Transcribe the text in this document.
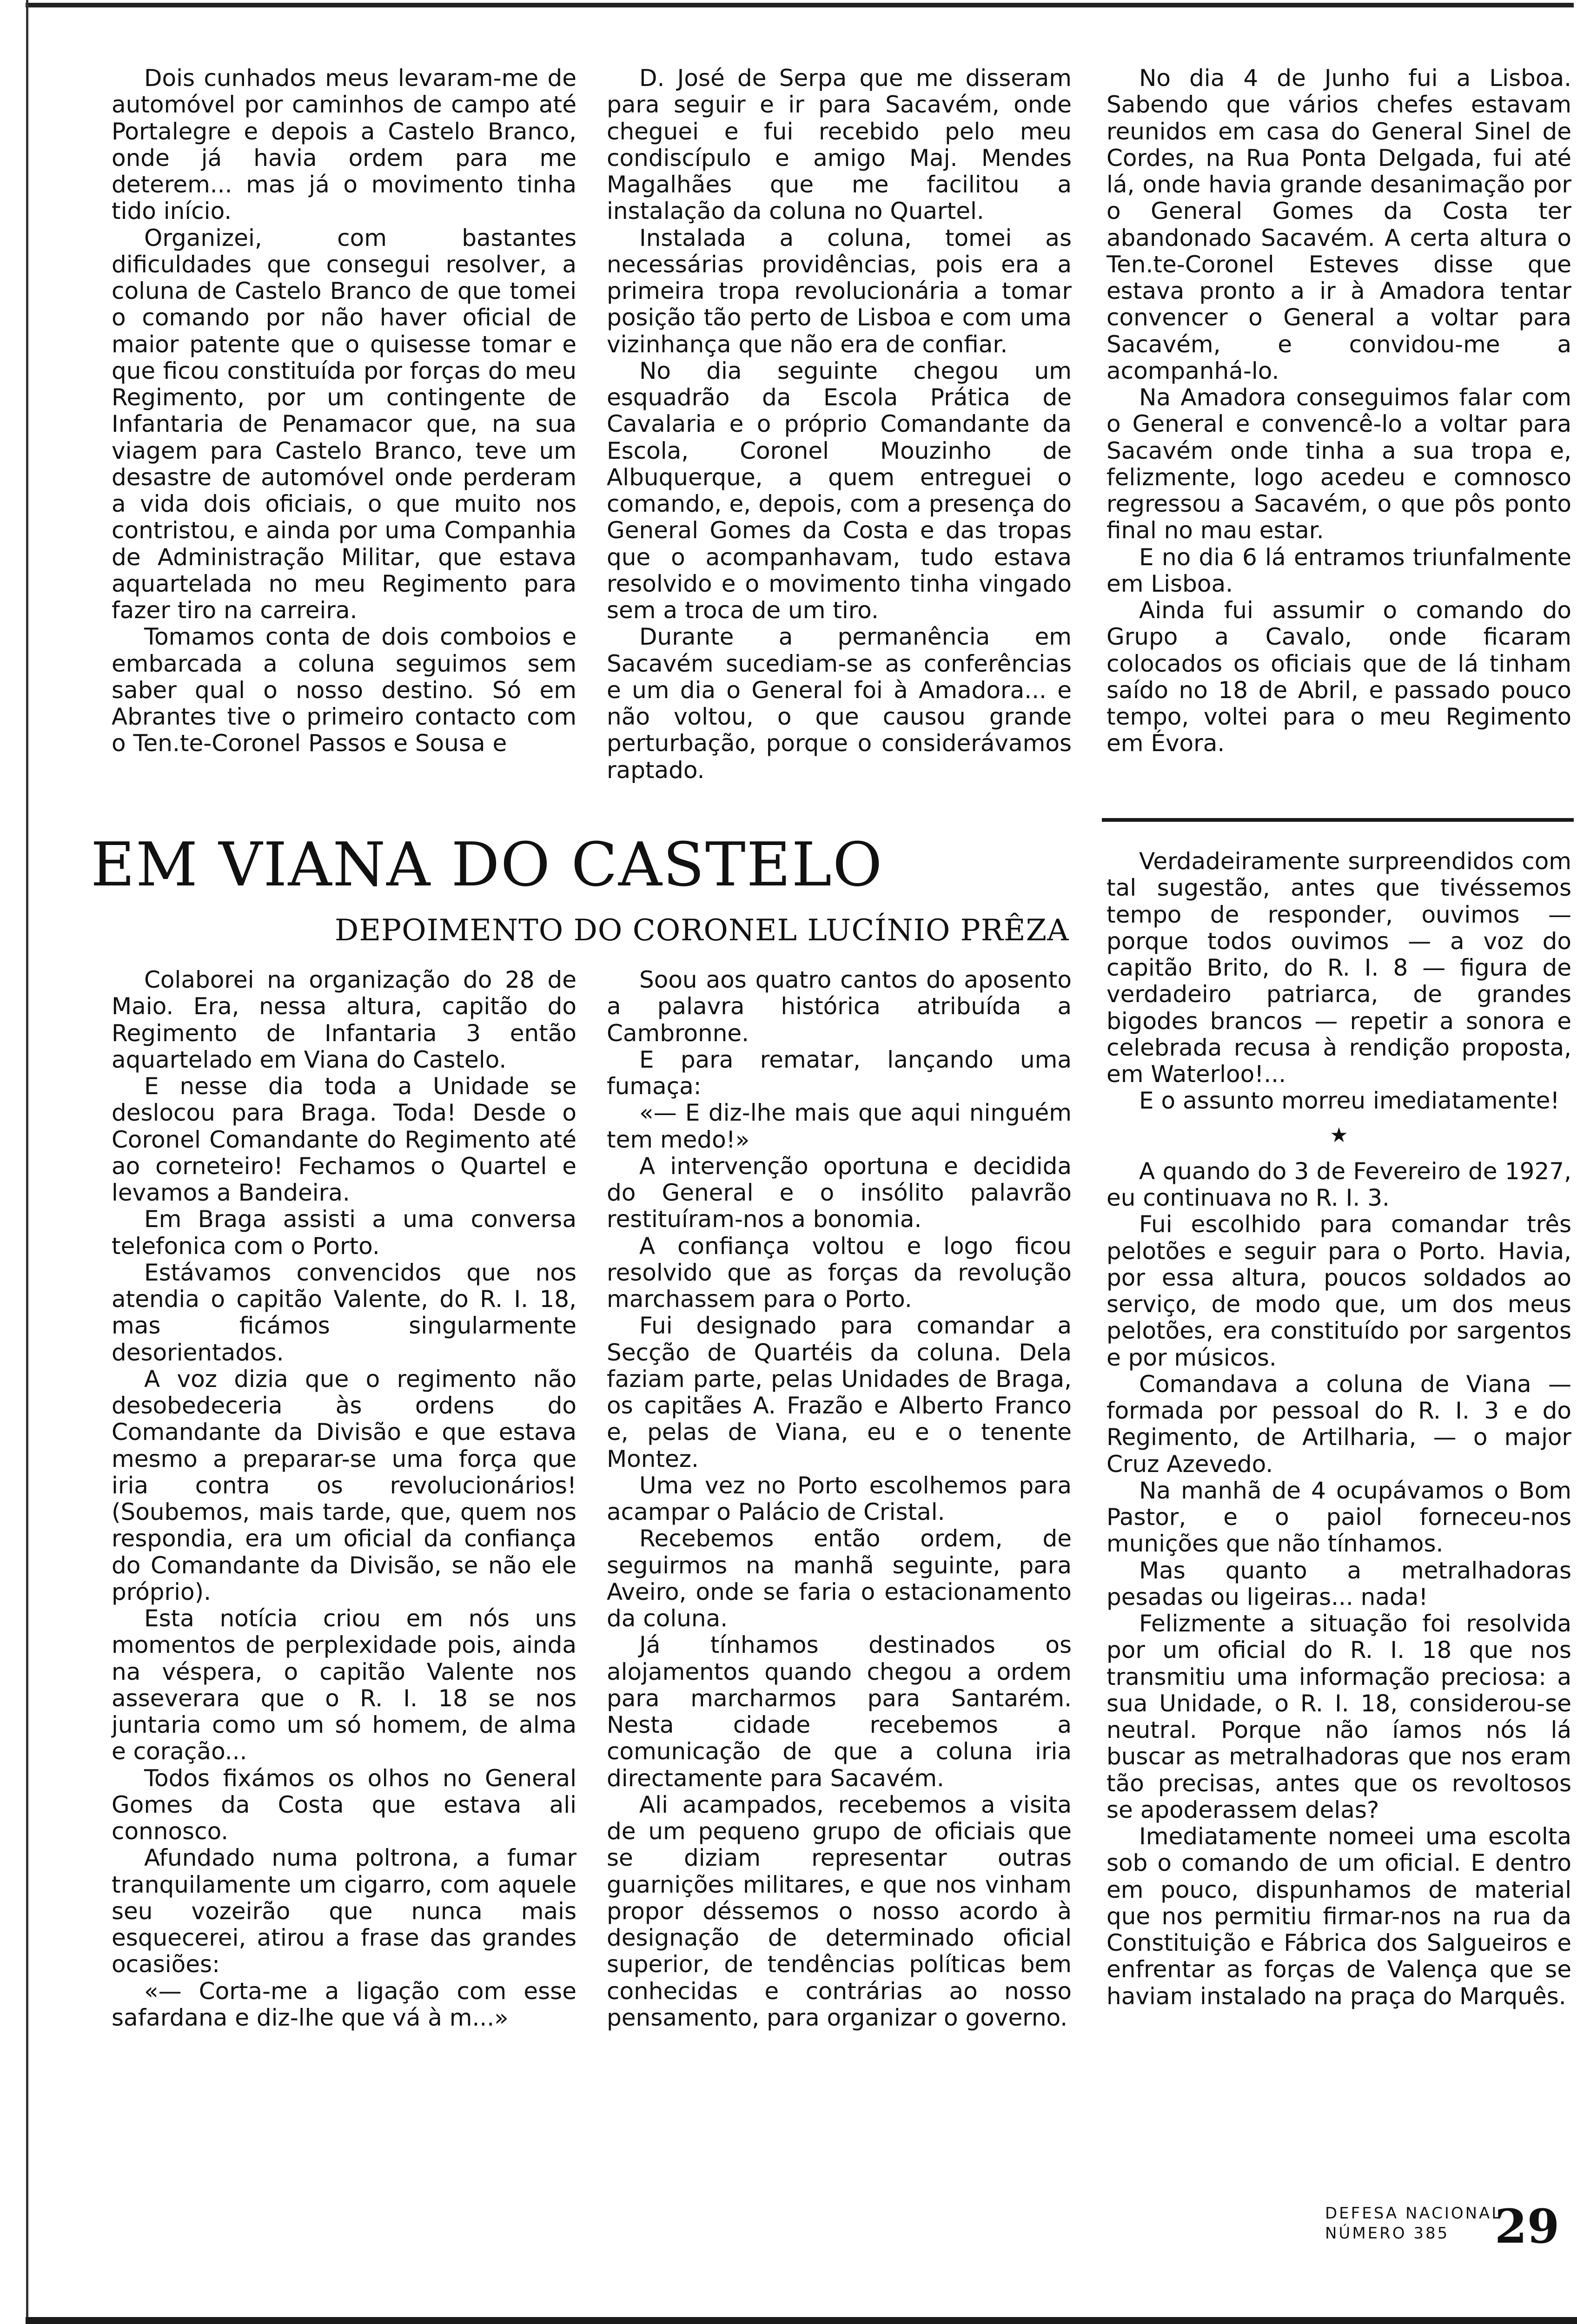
Dois cunhados meus levaram-me de automóvel por caminhos de campo até Portalegre e depois a Castelo Branco, onde já havia ordem para me deterem... mas já o movimento tinha tido início.

Organizei, com bastantes dificuldades que consegui resolver, a coluna de Castelo Branco de que tomei o comando por não haver oficial de maior patente que o quisesse tomar e que ficou constituída por forças do meu Regimento, por um contingente de Infantaria de Penamacor que, na sua viagem para Castelo Branco, teve um desastre de automóvel onde perderam a vida dois oficiais, o que muito nos contristou, e ainda por uma Companhia de Administração Militar, que estava aquartelada no meu Regimento para fazer tiro na carreira.

Tomamos conta de dois comboios e embarcada a coluna seguimos sem saber qual o nosso destino. Só em Abrantes tive o primeiro contacto com o Ten.te-Coronel Passos e Sousa e

D. José de Serpa que me disseram para seguir e ir para Sacavém, onde cheguei e fui recebido pelo meu condiscípulo e amigo Maj. Mendes Magalhães que me facilitou a instalação da coluna no Quartel.

Instalada a coluna, tomei as necessárias providências, pois era a primeira tropa revolucionária a tomar posição tão perto de Lisboa e com uma vizinhança que não era de confiar.

No dia seguinte chegou um esquadrão da Escola Prática de Cavalaria e o próprio Comandante da Escola, Coronel Mouzinho de Albuquerque, a quem entreguei o comando, e, depois, com a presença do General Gomes da Costa e das tropas que o acompanhavam, tudo estava resolvido e o movimento tinha vingado sem a troca de um tiro.

Durante a permanência em Sacavém sucediam-se as conferências e um dia o General foi à Amadora... e não voltou, o que causou grande perturbação, porque o considerávamos raptado.

No dia 4 de Junho fui a Lisboa. Sabendo que vários chefes estavam reunidos em casa do General Sinel de Cordes, na Rua Ponta Delgada, fui até lá, onde havia grande desanimação por o General Gomes da Costa ter abandonado Sacavém. A certa altura o Ten.te-Coronel Esteves disse que estava pronto a ir à Amadora tentar convencer o General a voltar para Sacavém, e convidou-me a acompanhá-lo.

Na Amadora conseguimos falar com o General e convencê-lo a voltar para Sacavém onde tinha a sua tropa e, felizmente, logo acedeu e comnosco regressou a Sacavém, o que pôs ponto final no mau estar.

E no dia 6 lá entramos triunfalmente em Lisboa.

Ainda fui assumir o comando do Grupo a Cavalo, onde ficaram colocados os oficiais que de lá tinham saído no 18 de Abril, e passado pouco tempo, voltei para o meu Regimento em Évora.

EM VIANA DO CASTELO
DEPOIMENTO DO CORONEL LUCÍNIO PRÊZA

Colaborei na organização do 28 de Maio. Era, nessa altura, capitão do Regimento de Infantaria 3 então aquartelado em Viana do Castelo.

E nesse dia toda a Unidade se deslocou para Braga. Toda! Desde o Coronel Comandante do Regimento até ao corneteiro! Fechamos o Quartel e levamos a Bandeira.

Em Braga assisti a uma conversa telefonica com o Porto.

Estávamos convencidos que nos atendia o capitão Valente, do R. I. 18, mas ficámos singularmente desorientados.

A voz dizia que o regimento não desobedeceria às ordens do Comandante da Divisão e que estava mesmo a preparar-se uma força que iria contra os revolucionários! (Soubemos, mais tarde, que, quem nos respondia, era um oficial da confiança do Comandante da Divisão, se não ele próprio).

Esta notícia criou em nós uns momentos de perplexidade pois, ainda na véspera, o capitão Valente nos asseverara que o R. I. 18 se nos juntaria como um só homem, de alma e coração...

Todos fixámos os olhos no General Gomes da Costa que estava ali connosco.

Afundado numa poltrona, a fumar tranquilamente um cigarro, com aquele seu vozeirão que nunca mais esquecerei, atirou a frase das grandes ocasiões:

«— Corta-me a ligação com esse safardana e diz-lhe que vá à m...»

Soou aos quatro cantos do aposento a palavra histórica atribuída a Cambronne.

E para rematar, lançando uma fumaça:

«— E diz-lhe mais que aqui ninguém tem medo!»

A intervenção oportuna e decidida do General e o insólito palavrão restituíram-nos a bonomia.

A confiança voltou e logo ficou resolvido que as forças da revolução marchassem para o Porto.

Fui designado para comandar a Secção de Quartéis da coluna. Dela faziam parte, pelas Unidades de Braga, os capitães A. Frazão e Alberto Franco e, pelas de Viana, eu e o tenente Montez.

Uma vez no Porto escolhemos para acampar o Palácio de Cristal.

Recebemos então ordem, de seguirmos na manhã seguinte, para Aveiro, onde se faria o estacionamento da coluna.

Já tínhamos destinados os alojamentos quando chegou a ordem para marcharmos para Santarém. Nesta cidade recebemos a comunicação de que a coluna iria directamente para Sacavém.

Ali acampados, recebemos a visita de um pequeno grupo de oficiais que se diziam representar outras guarnições militares, e que nos vinham propor déssemos o nosso acordo à designação de determinado oficial superior, de tendências políticas bem conhecidas e contrárias ao nosso pensamento, para organizar o governo.

Verdadeiramente surpreendidos com tal sugestão, antes que tivéssemos tempo de responder, ouvimos — porque todos ouvimos — a voz do capitão Brito, do R. I. 8 — figura de verdadeiro patriarca, de grandes bigodes brancos — repetir a sonora e celebrada recusa à rendição proposta, em Waterloo!...

E o assunto morreu imediatamente!

★

A quando do 3 de Fevereiro de 1927, eu continuava no R. I. 3.

Fui escolhido para comandar três pelotões e seguir para o Porto. Havia, por essa altura, poucos soldados ao serviço, de modo que, um dos meus pelotões, era constituído por sargentos e por músicos.

Comandava a coluna de Viana — formada por pessoal do R. I. 3 e do Regimento, de Artilharia, — o major Cruz Azevedo.

Na manhã de 4 ocupávamos o Bom Pastor, e o paiol forneceu-nos munições que não tínhamos.

Mas quanto a metralhadoras pesadas ou ligeiras... nada!

Felizmente a situação foi resolvida por um oficial do R. I. 18 que nos transmitiu uma informação preciosa: a sua Unidade, o R. I. 18, considerou-se neutral. Porque não íamos nós lá buscar as metralhadoras que nos eram tão precisas, antes que os revoltosos se apoderassem delas?

Imediatamente nomeei uma escolta sob o comando de um oficial. E dentro em pouco, dispunhamos de material que nos permitiu firmar-nos na rua da Constituição e Fábrica dos Salgueiros e enfrentar as forças de Valença que se haviam instalado na praça do Marquês.

DEFESA NACIONAL
NÚMERO 385 29
